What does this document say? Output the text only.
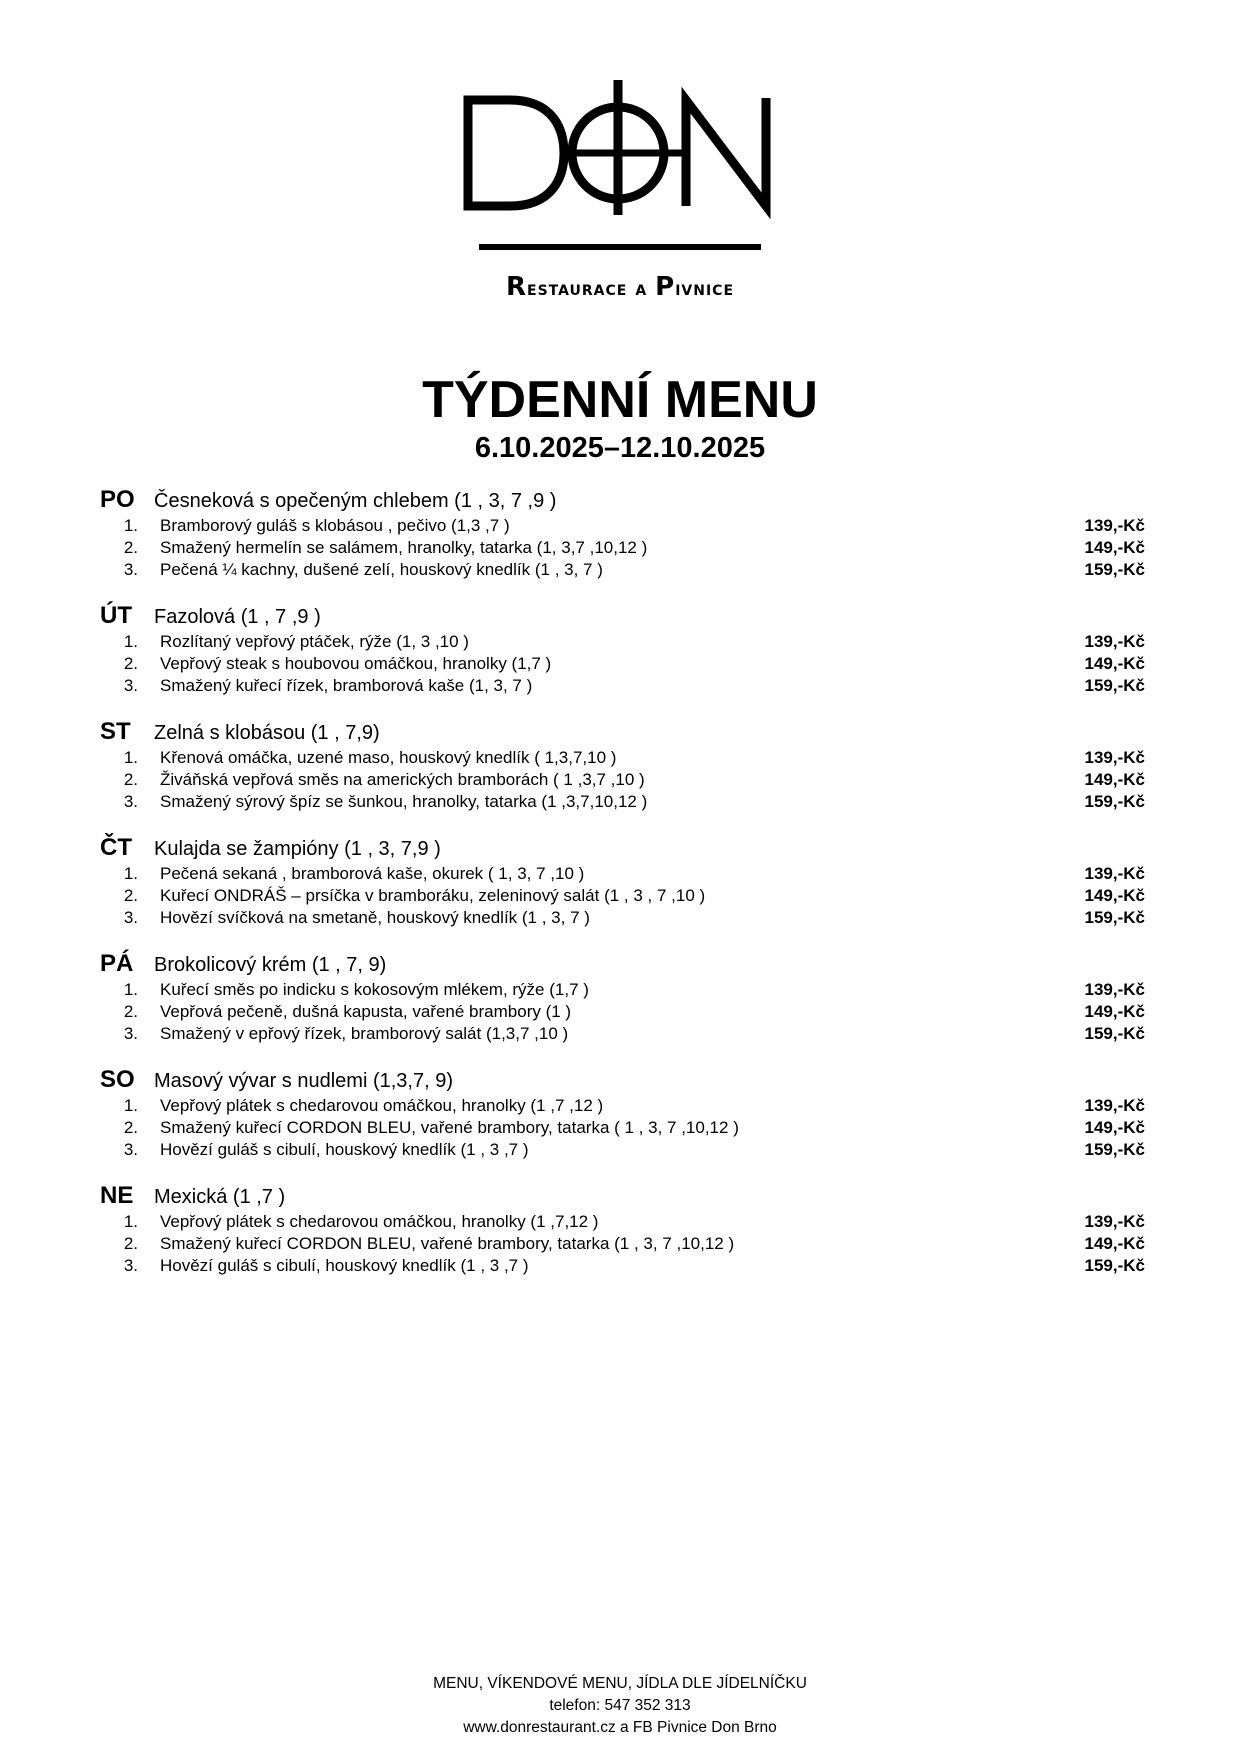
Restaurace a Pivnice
TÝDENNÍ MENU
6.10.2025–12.10.2025
PO Česneková s opečeným chlebem (1 , 3, 7 ,9 )
1. Bramborový guláš s klobásou , pečivo (1,3 ,7 )	139,-Kč
2. Smažený hermelín se salámem, hranolky, tatarka (1, 3,7 ,10,12 )	149,-Kč
3. Pečená ¼ kachny, dušené zelí, houskový knedlík (1 , 3, 7 )	159,-Kč
ÚT	Fazolová (1 , 7 ,9 )
1. Rozlítaný vepřový ptáček, rýže (1, 3 ,10 )	139,-Kč
2. Vepřový steak s houbovou omáčkou, hranolky (1,7 )	149,-Kč
3. Smažený kuřecí řízek, bramborová kaše (1, 3, 7 )	159,-Kč
ST	Zelná s klobásou (1 , 7,9)
1. Křenová omáčka, uzené maso, houskový knedlík ( 1,3,7,10 )	139,-Kč
2. Živáňská vepřová směs na amerických bramborách ( 1 ,3,7 ,10 )	149,-Kč
3. Smažený sýrový špíz se šunkou, hranolky, tatarka (1 ,3,7,10,12 )	159,-Kč
ČT	Kulajda se žampióny (1 , 3, 7,9 )
1. Pečená sekaná , bramborová kaše, okurek ( 1, 3, 7 ,10 )	139,-Kč
2. Kuřecí ONDRÁŠ – prsíčka v bramboráku, zeleninový salát (1 , 3 , 7 ,10 )	149,-Kč
3. Hovězí svíčková na smetaně, houskový knedlík (1 , 3, 7 )	159,-Kč
PÁ	Brokolicový krém (1 , 7, 9)
1. Kuřecí směs po indicku s kokosovým mlékem, rýže (1,7 )	139,-Kč
2. Vepřová pečeně, dušná kapusta, vařené brambory (1 )	149,-Kč
3. Smažený v epřový řízek, bramborový salát (1,3,7 ,10 )	159,-Kč
SO Masový vývar s nudlemi (1,3,7, 9)
1. Vepřový plátek s chedarovou omáčkou, hranolky (1 ,7 ,12 )	139,-Kč
2. Smažený kuřecí CORDON BLEU, vařené brambory, tatarka ( 1 , 3, 7 ,10,12 )	149,-Kč
3. Hovězí guláš s cibulí, houskový knedlík (1 , 3 ,7 )	159,-Kč
NE	Mexická (1 ,7 )
1. Vepřový plátek s chedarovou omáčkou, hranolky (1 ,7,12 )	139,-Kč
2. Smažený kuřecí CORDON BLEU, vařené brambory, tatarka (1 , 3, 7 ,10,12 )	149,-Kč
3. Hovězí guláš s cibulí, houskový knedlík (1 , 3 ,7 )	159,-Kč
MENU, VÍKENDOVÉ MENU, JÍDLA DLE JÍDELNÍČKU
telefon: 547 352 313
www.donrestaurant.cz a FB Pivnice Don Brno
